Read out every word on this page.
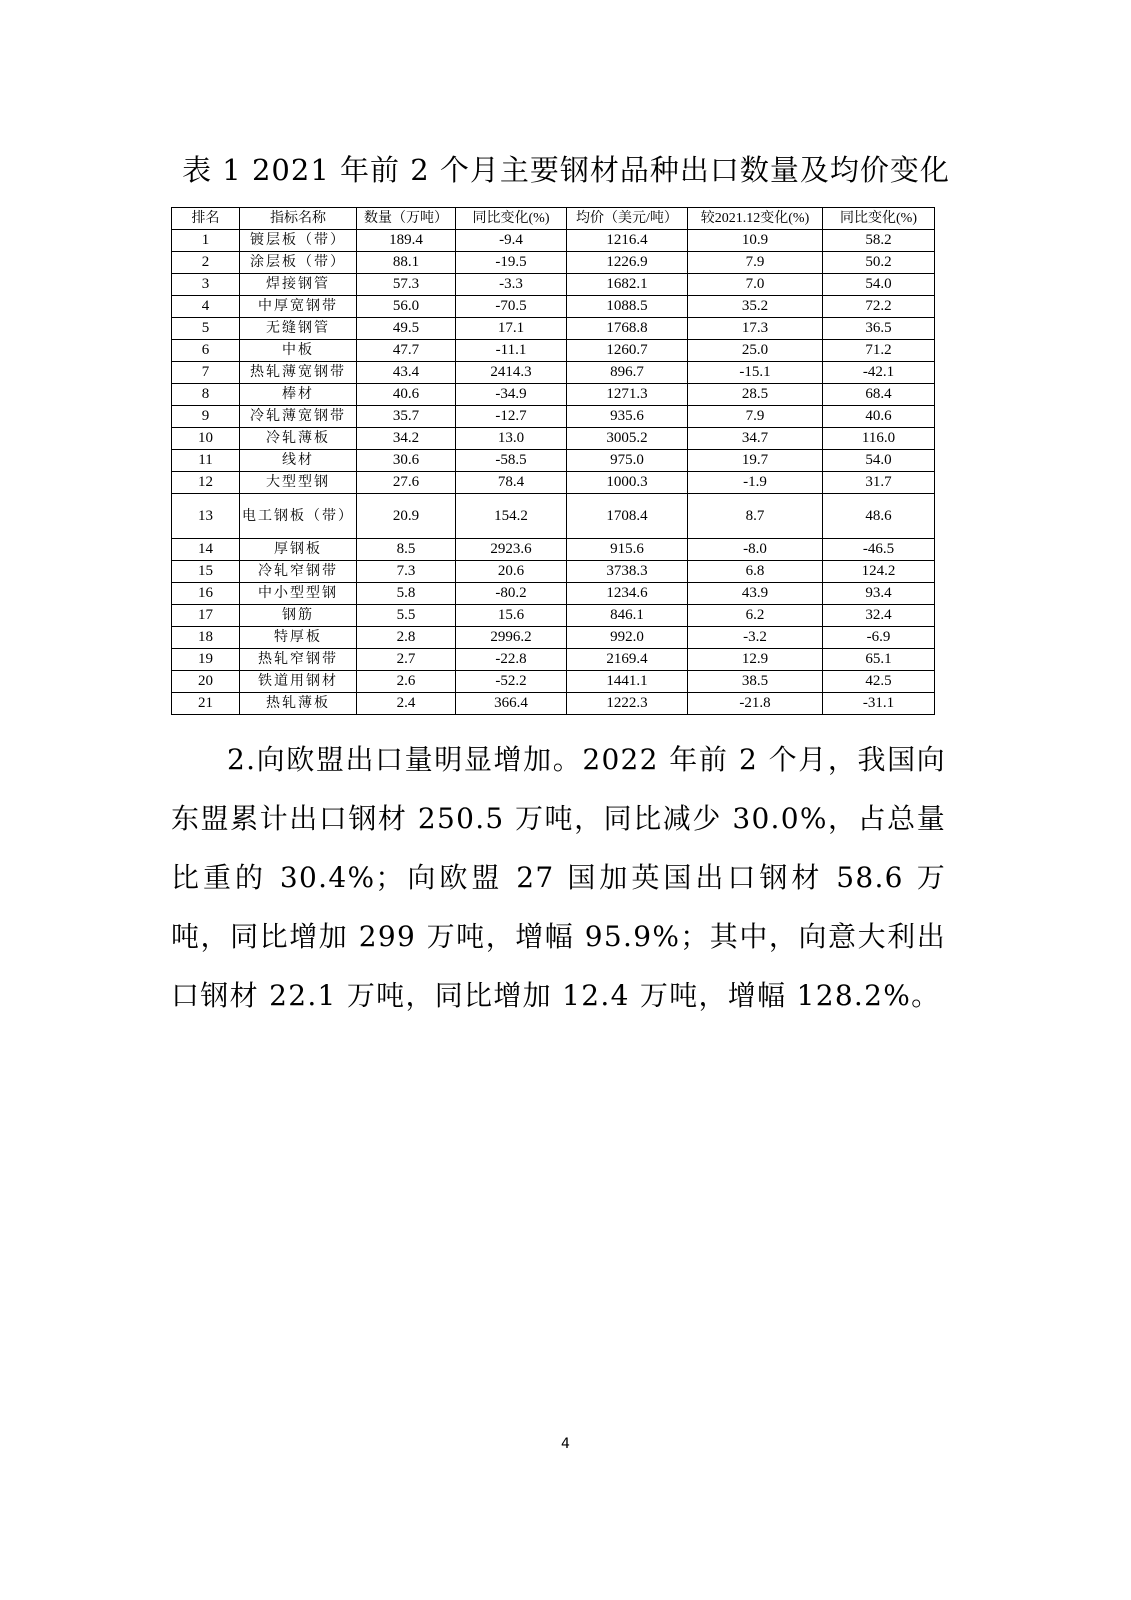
表 1 2021 年前 2 个月主要钢材品种出口数量及均价变化
排名	指标名称	数量（万吨）	同比变化(%)	均价（美元/吨）	较2021.12变化(%)	同比变化(%)
1	镀层板（带）	189.4	-9.4	1216.4	10.9	58.2
2	涂层板（带）	88.1	-19.5	1226.9	7.9	50.2
3	焊接钢管	57.3	-3.3	1682.1	7.0	54.0
4	中厚宽钢带	56.0	-70.5	1088.5	35.2	72.2
5	无缝钢管	49.5	17.1	1768.8	17.3	36.5
6	中板	47.7	-11.1	1260.7	25.0	71.2
7	热轧薄宽钢带	43.4	2414.3	896.7	-15.1	-42.1
8	棒材	40.6	-34.9	1271.3	28.5	68.4
9	冷轧薄宽钢带	35.7	-12.7	935.6	7.9	40.6
10	冷轧薄板	34.2	13.0	3005.2	34.7	116.0
11	线材	30.6	-58.5	975.0	19.7	54.0
12	大型型钢	27.6	78.4	1000.3	-1.9	31.7
13	电工钢板（带）	20.9	154.2	1708.4	8.7	48.6
14	厚钢板	8.5	2923.6	915.6	-8.0	-46.5
15	冷轧窄钢带	7.3	20.6	3738.3	6.8	124.2
16	中小型型钢	5.8	-80.2	1234.6	43.9	93.4
17	钢筋	5.5	15.6	846.1	6.2	32.4
18	特厚板	2.8	2996.2	992.0	-3.2	-6.9
19	热轧窄钢带	2.7	-22.8	2169.4	12.9	65.1
20	铁道用钢材	2.6	-52.2	1441.1	38.5	42.5
21	热轧薄板	2.4	366.4	1222.3	-21.8	-31.1
2.向欧盟出口量明显增加。2022 年前 2 个月，我国向东盟累计出口钢材 250.5 万吨，同比减少 30.0%，占总量比重的 30.4%；向欧盟 27 国加英国出口钢材 58.6 万吨，同比增加 299 万吨，增幅 95.9%；其中，向意大利出口钢材 22.1 万吨，同比增加 12.4 万吨，增幅 128.2%。
4
